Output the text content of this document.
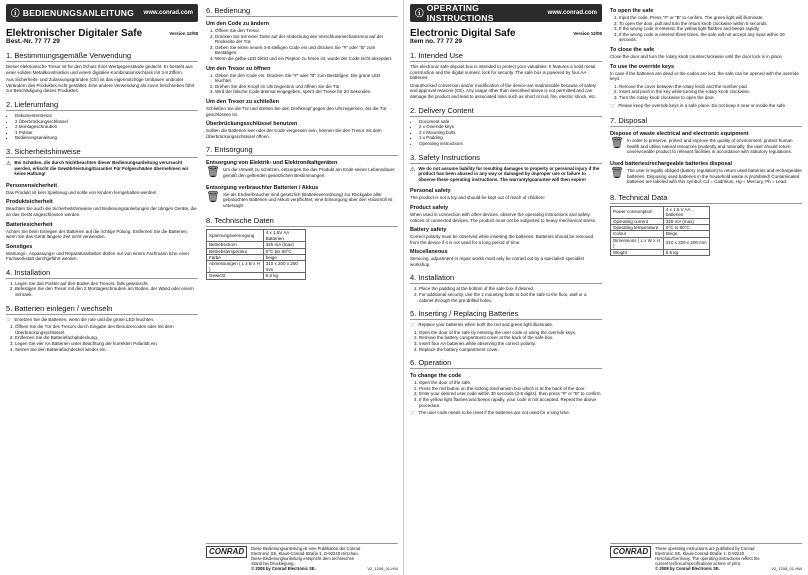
ⓘ BEDIENUNGSANLEITUNG www.conrad.com
Elektronischer Digitaler Safe	Version 12/08
Best.-Nr. 77 77 29
1. Bestimmungsgemäße Verwendung

Dieser elektronische Tresor ist für den Schutz Ihrer Wertgegenstände gedacht. Er besteht aus einer soliden Metallkonstruktion und einem digitalen Kombinationsschloss mit 3-8 Ziffern.

Aus Sicherheits- und Zulassungsgründen (CE) ist das eigenmächtige Umbauen und/oder Verändern des Produktes nicht gestattet. Eine andere Verwendung als zuvor beschrieben führt zur Beschädigung dieses Produktes.

2. Lieferumfang
• Dokumententresor
• 2 Überbrückungsschlüssel
• 2 Montageschrauben
• 1 Polster
• Bedienungsanleitung
3. Sicherheitshinweise
⚠ Bei Schäden, die durch Nichtbeachten dieser Bedienungsanleitung verursacht werden, erlischt die Gewährleistung/Garantie! Für Folgeschäden übernehmen wir keine Haftung!

Personensicherheit

Das Produkt ist kein Spielzeug und sollte von Kindern ferngehalten werden!

Produktsicherheit

Beachten Sie auch die Sicherheitshinweise und Bedienungsanleitungen der übrigen Geräte, die an das Gerät angeschlossen werden.

Batteriesicherheit

Achten Sie beim Einlegen der Batterien auf die richtige Polung. Entfernen Sie die Batterien, wenn Sie das Gerät längere Zeit nicht verwenden.

Sonstiges

Wartungs-, Anpassungs- und Reparaturarbeiten dürfen nur von einem Fachmann bzw. einer Fachwerkstatt durchgeführt werden.

4. Installation
1. Legen Sie das Polster auf den Boden des Tresors, falls gewünscht.
2. Befestigen Sie den Tresor mit den 2 Montageschrauben am Boden, der Wand oder einem Schrank.
5. Batterien einlegen / wechseln
☞ Ersetzen Sie die Batterien, wenn die rote und die grüne LED leuchten.

1. Öffnen Sie die Tür des Tresors durch Eingabe des Benutzercodes oder mit dem Überbrückungsschlüssel.
2. Entfernen Sie die Batteriefachabdeckung.
3. Legen Sie vier AA Batterien unter Beachtung der korrekten Polarität ein.
4. Setzen Sie den Batteriefachdeckel wieder ein.
6. Bedienung
Um den Code zu ändern
1. Öffnen Sie den Tresor.
2. Drücken Sie mit einer Taste auf der Abdeckung des Verschlussmechanismus auf der Rückseite der Tür.
3. Geben Sie einen neuen 3-8 stelligen Code ein und drücken Sie "#" oder "B" zum Bestätigen.
4. Wenn die gelbe LED blinkt und ein Piepton zu hören ist, wurde der Code nicht akzeptiert.
Um den Tresor zu öffnen
1. Geben Sie den Code ein. Drücken Sie "#" oder "B" zum Bestätigen. Die grüne LED leuchtet.
2. Drehen Sie den Knopf im Uhrzeigersinn und öffnen Sie die Tür.
3. Wird der falsche Code dreimal eingegeben, sperrt der Tresor für 20 Sekunden.
Um den Tresor zu schließen

Schließen Sie die Tür und drehen Sie den Drehknopf gegen den Uhrzeigersinn, bis die Tür geschlossen ist.

Überbrückungsschlüssel benutzen

Sollten die Batterien leer oder der Code vergessen sein, können Sie den Tresor mit dem Überbrückungsschlüssel öffnen.

7. Entsorgung
Entsorgung von Elektrik- und Elektronikaltgeräten
🗑 Um die Umwelt zu schützen, entsorgen Sie das Produkt am Ende seiner Lebensdauer gemäß den geltenden gesetzlichen Bestimmungen.

Entsorgung verbrauchter Batterien / Akkus
🗑 Sie als Endverbraucher sind gesetzlich (Batterieverordnung) zur Rückgabe aller gebrauchten Batterien und Akkus verpflichtet; eine Entsorgung über den Hausmüll ist untersagt!

8. Technische Daten
Spannungsversorgung	4 x 1,5V AA Batterien
Betriebsstrom	325 mA (max)
Betriebstemperatur	0°C bis 60°C
Farbe	beige
Abmessungen ( L x B x H )	310 x 200 x 200 mm
Gewicht	6,5 kg
CONRAD	Diese Bedienungsanleitung ist eine Publikation der Conrad Electronic SE, Klaus-Conrad-Straße 1, D-92240 Hirschau. Diese Bedienungsanleitung entspricht dem technischen Stand bei Drucklegung.
© 2008 by Conrad Electronic SE.	V2_1208_01-HW
ⓘ OPERATING INSTRUCTIONS	www.conrad.com
Electronic Digital Safe	Version 12/08
Item no. 77 77 29
1. Intended Use

This electronic safe deposit box is intended to protect your valuables. It features a solid metal construction and the digital numeric lock for security. The safe box is powered by four AA batteries.

Unauthorised conversion and/or modification of the device are inadmissible because of safety and approval reasons (CE). Any usage other than described above is not permitted and can damage the product and lead to associated risks such as short circuit, fire, electric shock, etc.

2. Delivery Content
• Document safe
• 2 x Override keys
• 2 x Mounting bolts
• 1 x Padding
• Operating instructions
3. Safety Instructions
⚠ We do not assume liability for resulting damages to property or personal injury if the product has been abused in any way or damaged by improper use or failure to observe these operating instructions. The warranty/guarantee will then expire!

Personal safety

The product is not a toy and should be kept out of reach of children!

Product safety

When used in connection with other devices, observe the operating instructions and safety notices of connected devices. The product must not be subjected to heavy mechanical stress.

Battery safety

Correct polarity must be observed while inserting the batteries. Batteries should be removed from the device if it is not used for a long period of time.

Miscellaneous

Servicing, adjustment or repair works must only be carried out by a specialist/ specialist workshop.

4. Installation
1. Place the padding at the bottom of the safe box if desired.
2. For additional security, use the 2 mounting bolts to bolt the safe to the floor, wall or a cabinet through the pre-drilled holes.
5. Inserting / Replacing Batteries
☞ Replace your batteries when both the red and green light illuminate.

1. Open the door of the safe by entering the user code or using the override keys.
2. Remove the battery compartment cover at the back of the safe box.
3. Insert four AA batteries while observing the correct polarity.
4. Replace the battery compartment cover.
6. Operation
To change the code
1. Open the door of the safe.
2. Press the red button on the locking mechanism box which is at the back of the door.
3. Enter your desired user code within 30 seconds (3-8 digits), then press "#" or "B" to confirm.
4. If the yellow light flashes and beeps rapidly, your code is not accepted. Repeat the above procedure.
☞ The user code needs to be reset if the batteries are not used for a long time.

To open the safe
1. Input the code. Press "#" or "B" to confirm. The green light will illuminate.
2. To open the door, pull and turn the return knob clockwise within 5 seconds.
3. If the wrong code is entered, the yellow light flashes and beeps rapidly.
4. If the wrong code is entered three times, the safe will not accept any input within 20 seconds.
To close the safe

Close the door and turn the rotary knob counterclockwise until the door lock is in place.

To use the override keys

In case if the batteries are dead or the codes are lost, the safe can be opened with the override keys.

1. Remove the cover between the rotary knob and the number pad.
2. Insert and push in the key while turning the rotary knob clockwise.
3. Turn the rotary knob clockwise to open the door.
☞ Please keep the override keys in a safe place. Do not keep it near or inside the safe.

7. Disposal
Dispose of waste electrical and electronic equipment
🗑 In order to preserve, protect and improve the quality of environment, protect human health and utilise natural resources prudently and rationally, the user should return unserviceable product to relevant facilities in accordance with statutory regulations.

Used batteries/rechargeable batteries disposal
🗑 The user is legally obliged (battery regulation) to return used batteries and rechargeable batteries. Disposing used batteries in the household waste is prohibited! Contaminated batteries are labeled with this symbol: Cd = Cadmium, Hg = Mercury, Pb = Lead.

8. Technical Data
Power consumption	4 x 1.5 V AA batteries
Operating current	325 mA (max)
Operating temperature	0°C to 60°C
Colour	Beige
Dimensions ( L x W x H )	310 x 200 x 200 mm
Weight	6.5 kg
CONRAD	These operating instructions are published by Conrad Electronic SE, Klaus-Conrad-Straße 1, D-92240 Hirschau/Germany. The operating instructions reflect the current technical specifications at time of print.
© 2008 by Conrad Electronic SE.	V2_1208_01-HW
